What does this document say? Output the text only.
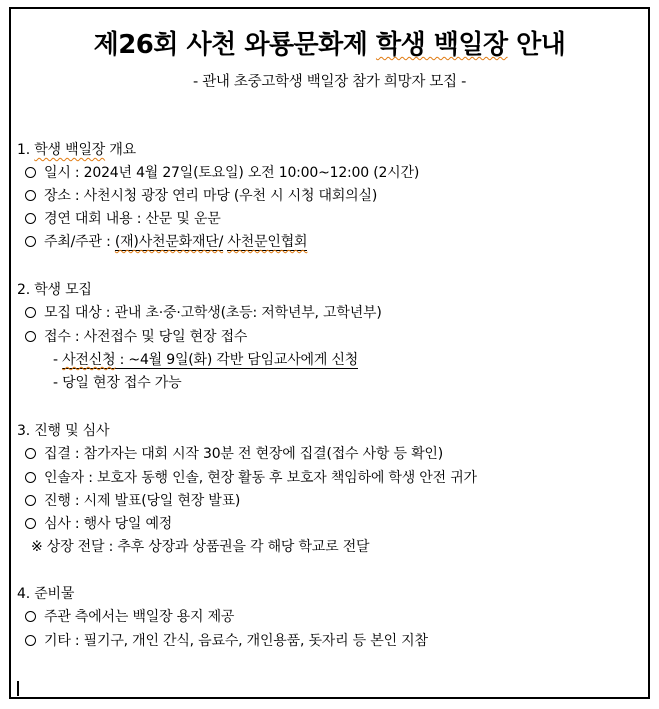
제26회 사천 와룡문화제 학생 백일장 안내
- 관내 초중고학생 백일장 참가 희망자 모집 -
1. 학생 백일장 개요
일시 : 2024년 4월 27일(토요일) 오전 10:00~12:00 (2시간)
장소 : 사천시청 광장 연리 마당 (우천 시 시청 대회의실)
경연 대회 내용 : 산문 및 운문
주최/주관 : (재)사천문화재단/ 사천문인협회
2. 학생 모집
모집 대상 : 관내 초·중·고학생(초등: 저학년부, 고학년부)
접수 : 사전접수 및 당일 현장 접수
- 사전신청 : ~4월 9일(화) 각반 담임교사에게 신청
- 당일 현장 접수 가능
3. 진행 및 심사
집결 : 참가자는 대회 시작 30분 전 현장에 집결(접수 사항 등 확인)
인솔자 : 보호자 동행 인솔, 현장 활동 후 보호자 책임하에 학생 안전 귀가
진행 : 시제 발표(당일 현장 발표)
심사 : 행사 당일 예정
※ 상장 전달 : 추후 상장과 상품권을 각 해당 학교로 전달
4. 준비물
주관 측에서는 백일장 용지 제공
기타 : 필기구, 개인 간식, 음료수, 개인용품, 돗자리 등 본인 지참
